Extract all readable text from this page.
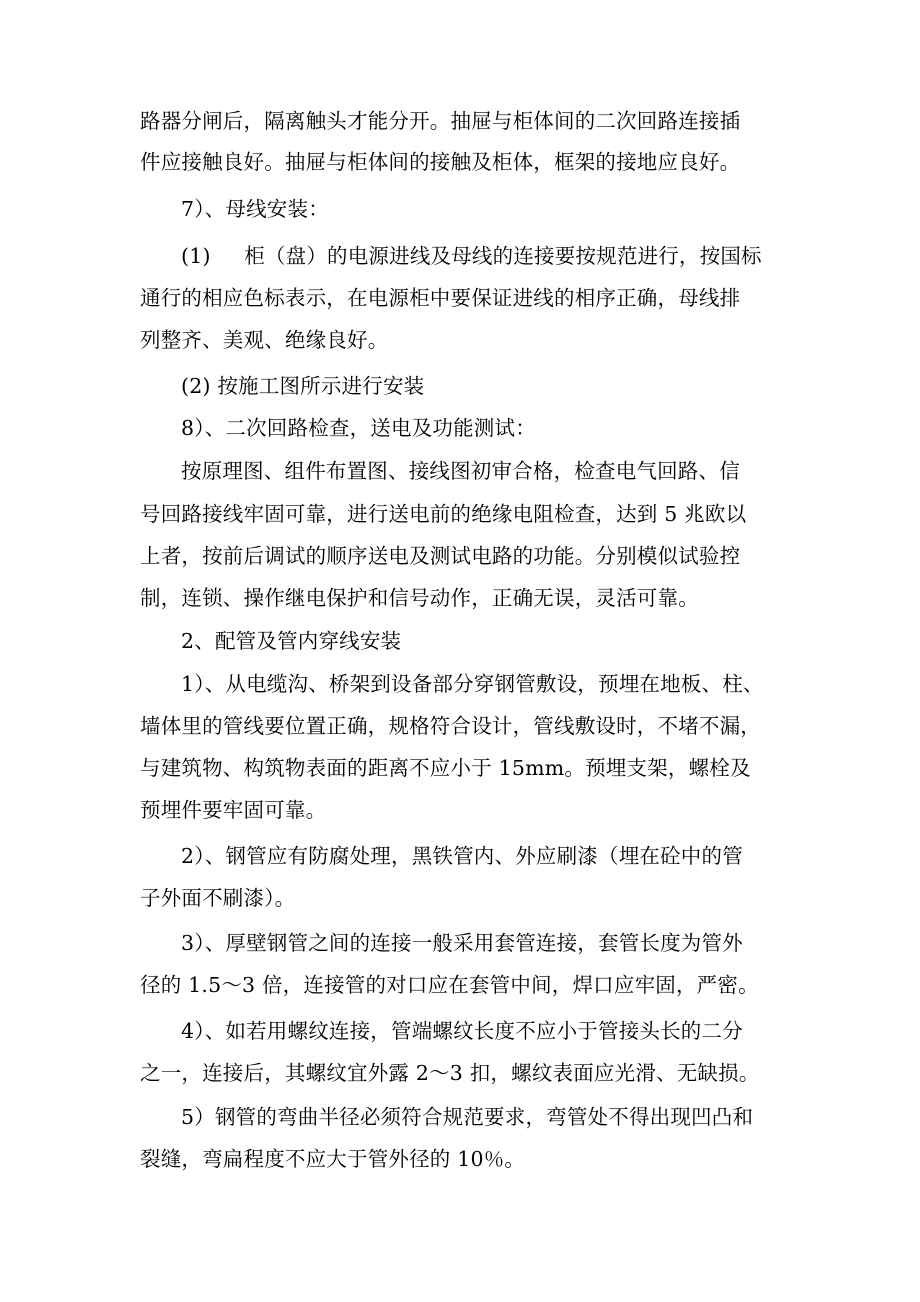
路器分闸后，隔离触头才能分开。抽屉与柜体间的二次回路连接插
件应接触良好。抽屉与柜体间的接触及柜体，框架的接地应良好。
7）、母线安装：
(1)     柜（盘）的电源进线及母线的连接要按规范进行，按国标
通行的相应色标表示，在电源柜中要保证进线的相序正确，母线排
列整齐、美观、绝缘良好。
(2) 按施工图所示进行安装
8）、二次回路检查，送电及功能测试：
按原理图、组件布置图、接线图初审合格，检查电气回路、信
号回路接线牢固可靠，进行送电前的绝缘电阻检查，达到 5 兆欧以
上者，按前后调试的顺序送电及测试电路的功能。分别模似试验控
制，连锁、操作继电保护和信号动作，正确无误，灵活可靠。
2、配管及管内穿线安装
1）、从电缆沟、桥架到设备部分穿钢管敷设，预埋在地板、柱、
墙体里的管线要位置正确，规格符合设计，管线敷设时，不堵不漏，
与建筑物、构筑物表面的距离不应小于 15mm。预埋支架，螺栓及
预埋件要牢固可靠。
2）、钢管应有防腐处理，黑铁管内、外应刷漆（埋在砼中的管
子外面不刷漆）。
3）、厚壁钢管之间的连接一般采用套管连接，套管长度为管外
径的 1.5～3 倍，连接管的对口应在套管中间，焊口应牢固，严密。
4）、如若用螺纹连接，管端螺纹长度不应小于管接头长的二分
之一，连接后，其螺纹宜外露 2～3 扣，螺纹表面应光滑、无缺损。
5）钢管的弯曲半径必须符合规范要求，弯管处不得出现凹凸和
裂缝，弯扁程度不应大于管外径的 10％。
